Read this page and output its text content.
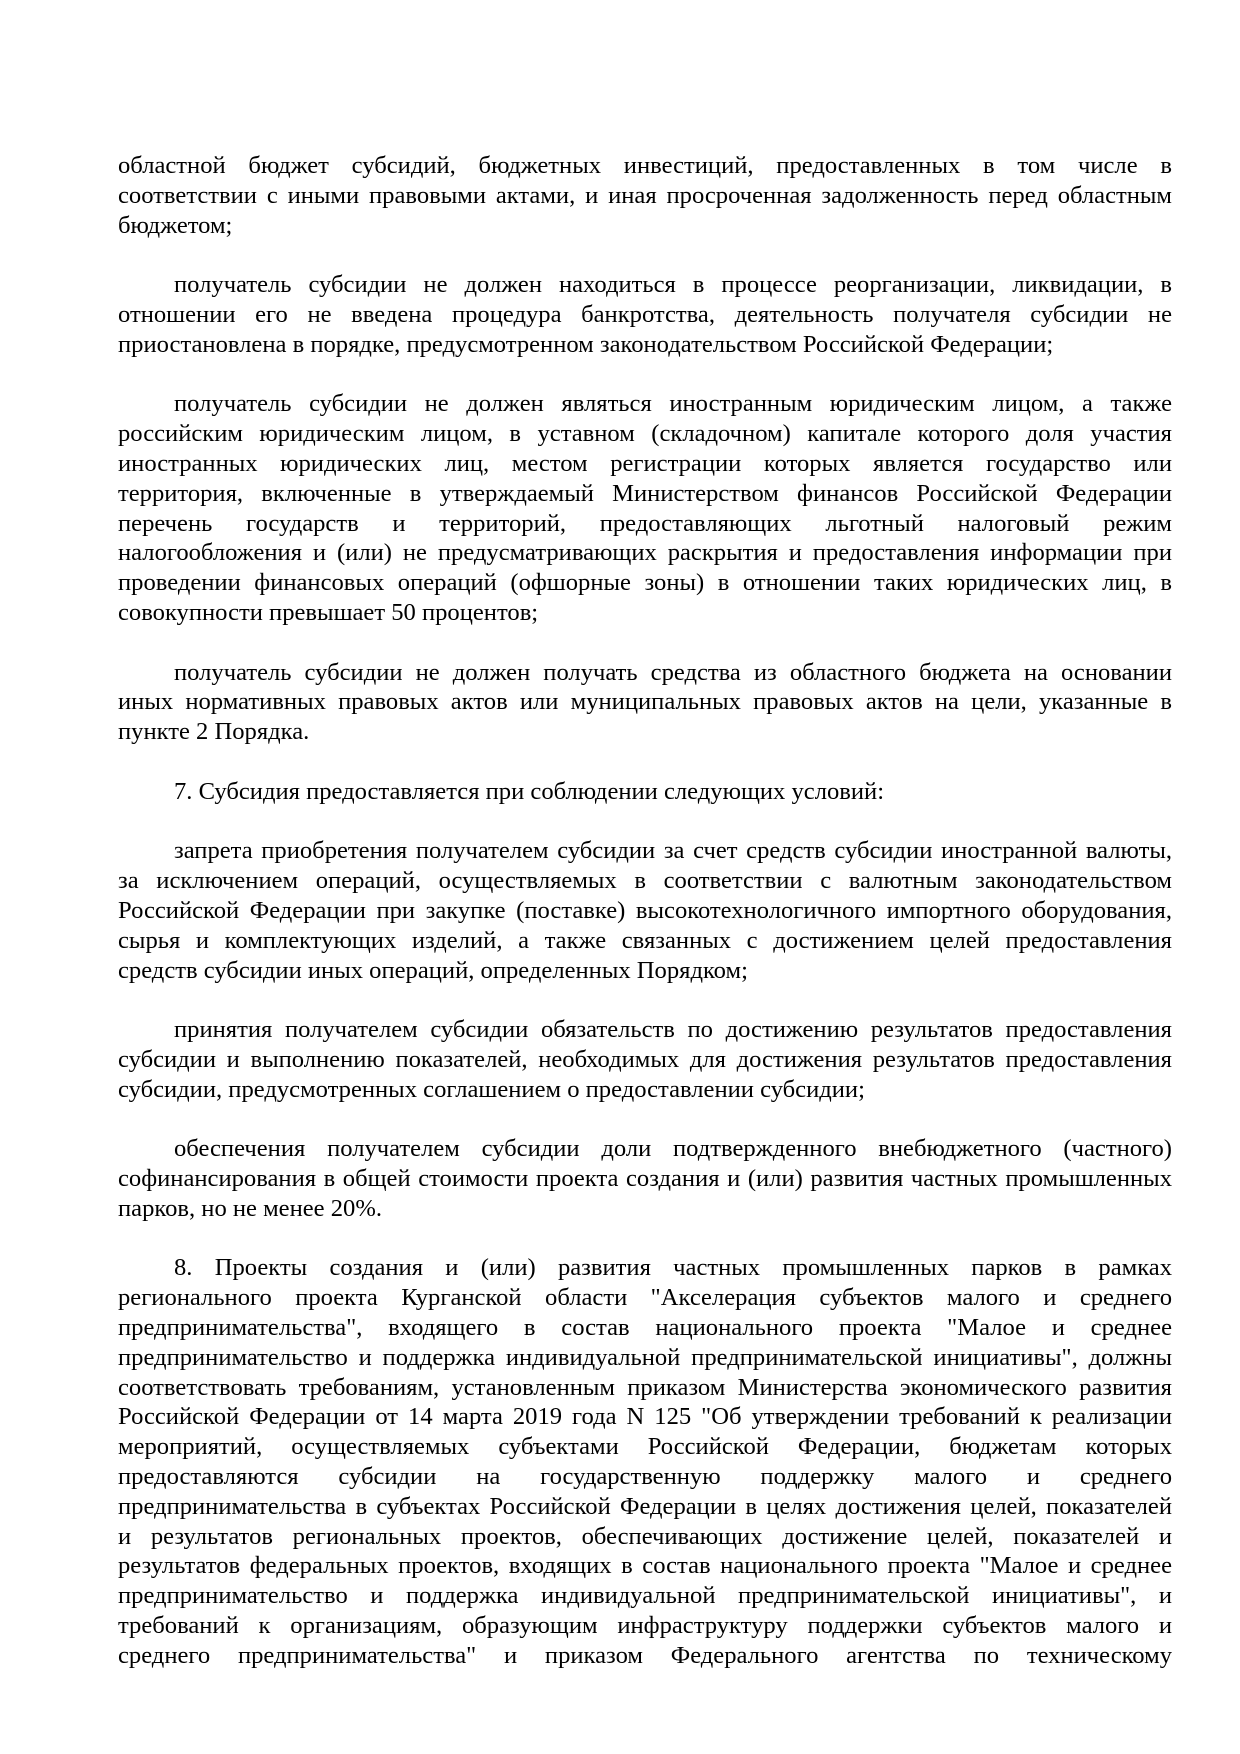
областной бюджет субсидий, бюджетных инвестиций, предоставленных в том числе в
соответствии с иными правовыми актами, и иная просроченная задолженность перед областным
бюджетом;
получатель субсидии не должен находиться в процессе реорганизации, ликвидации, в
отношении его не введена процедура банкротства, деятельность получателя субсидии не
приостановлена в порядке, предусмотренном законодательством Российской Федерации;
получатель субсидии не должен являться иностранным юридическим лицом, а также
российским юридическим лицом, в уставном (складочном) капитале которого доля участия
иностранных юридических лиц, местом регистрации которых является государство или
территория, включенные в утверждаемый Министерством финансов Российской Федерации
перечень государств и территорий, предоставляющих льготный налоговый режим
налогообложения и (или) не предусматривающих раскрытия и предоставления информации при
проведении финансовых операций (офшорные зоны) в отношении таких юридических лиц, в
совокупности превышает 50 процентов;
получатель субсидии не должен получать средства из областного бюджета на основании
иных нормативных правовых актов или муниципальных правовых актов на цели, указанные в
пункте 2 Порядка.
7. Субсидия предоставляется при соблюдении следующих условий:
запрета приобретения получателем субсидии за счет средств субсидии иностранной валюты,
за исключением операций, осуществляемых в соответствии с валютным законодательством
Российской Федерации при закупке (поставке) высокотехнологичного импортного оборудования,
сырья и комплектующих изделий, а также связанных с достижением целей предоставления
средств субсидии иных операций, определенных Порядком;
принятия получателем субсидии обязательств по достижению результатов предоставления
субсидии и выполнению показателей, необходимых для достижения результатов предоставления
субсидии, предусмотренных соглашением о предоставлении субсидии;
обеспечения получателем субсидии доли подтвержденного внебюджетного (частного)
софинансирования в общей стоимости проекта создания и (или) развития частных промышленных
парков, но не менее 20%.
8. Проекты создания и (или) развития частных промышленных парков в рамках
регионального проекта Курганской области "Акселерация субъектов малого и среднего
предпринимательства", входящего в состав национального проекта "Малое и среднее
предпринимательство и поддержка индивидуальной предпринимательской инициативы", должны
соответствовать требованиям, установленным приказом Министерства экономического развития
Российской Федерации от 14 марта 2019 года N 125 "Об утверждении требований к реализации
мероприятий, осуществляемых субъектами Российской Федерации, бюджетам которых
предоставляются субсидии на государственную поддержку малого и среднего
предпринимательства в субъектах Российской Федерации в целях достижения целей, показателей
и результатов региональных проектов, обеспечивающих достижение целей, показателей и
результатов федеральных проектов, входящих в состав национального проекта "Малое и среднее
предпринимательство и поддержка индивидуальной предпринимательской инициативы", и
требований к организациям, образующим инфраструктуру поддержки субъектов малого и
среднего предпринимательства" и приказом Федерального агентства по техническому
